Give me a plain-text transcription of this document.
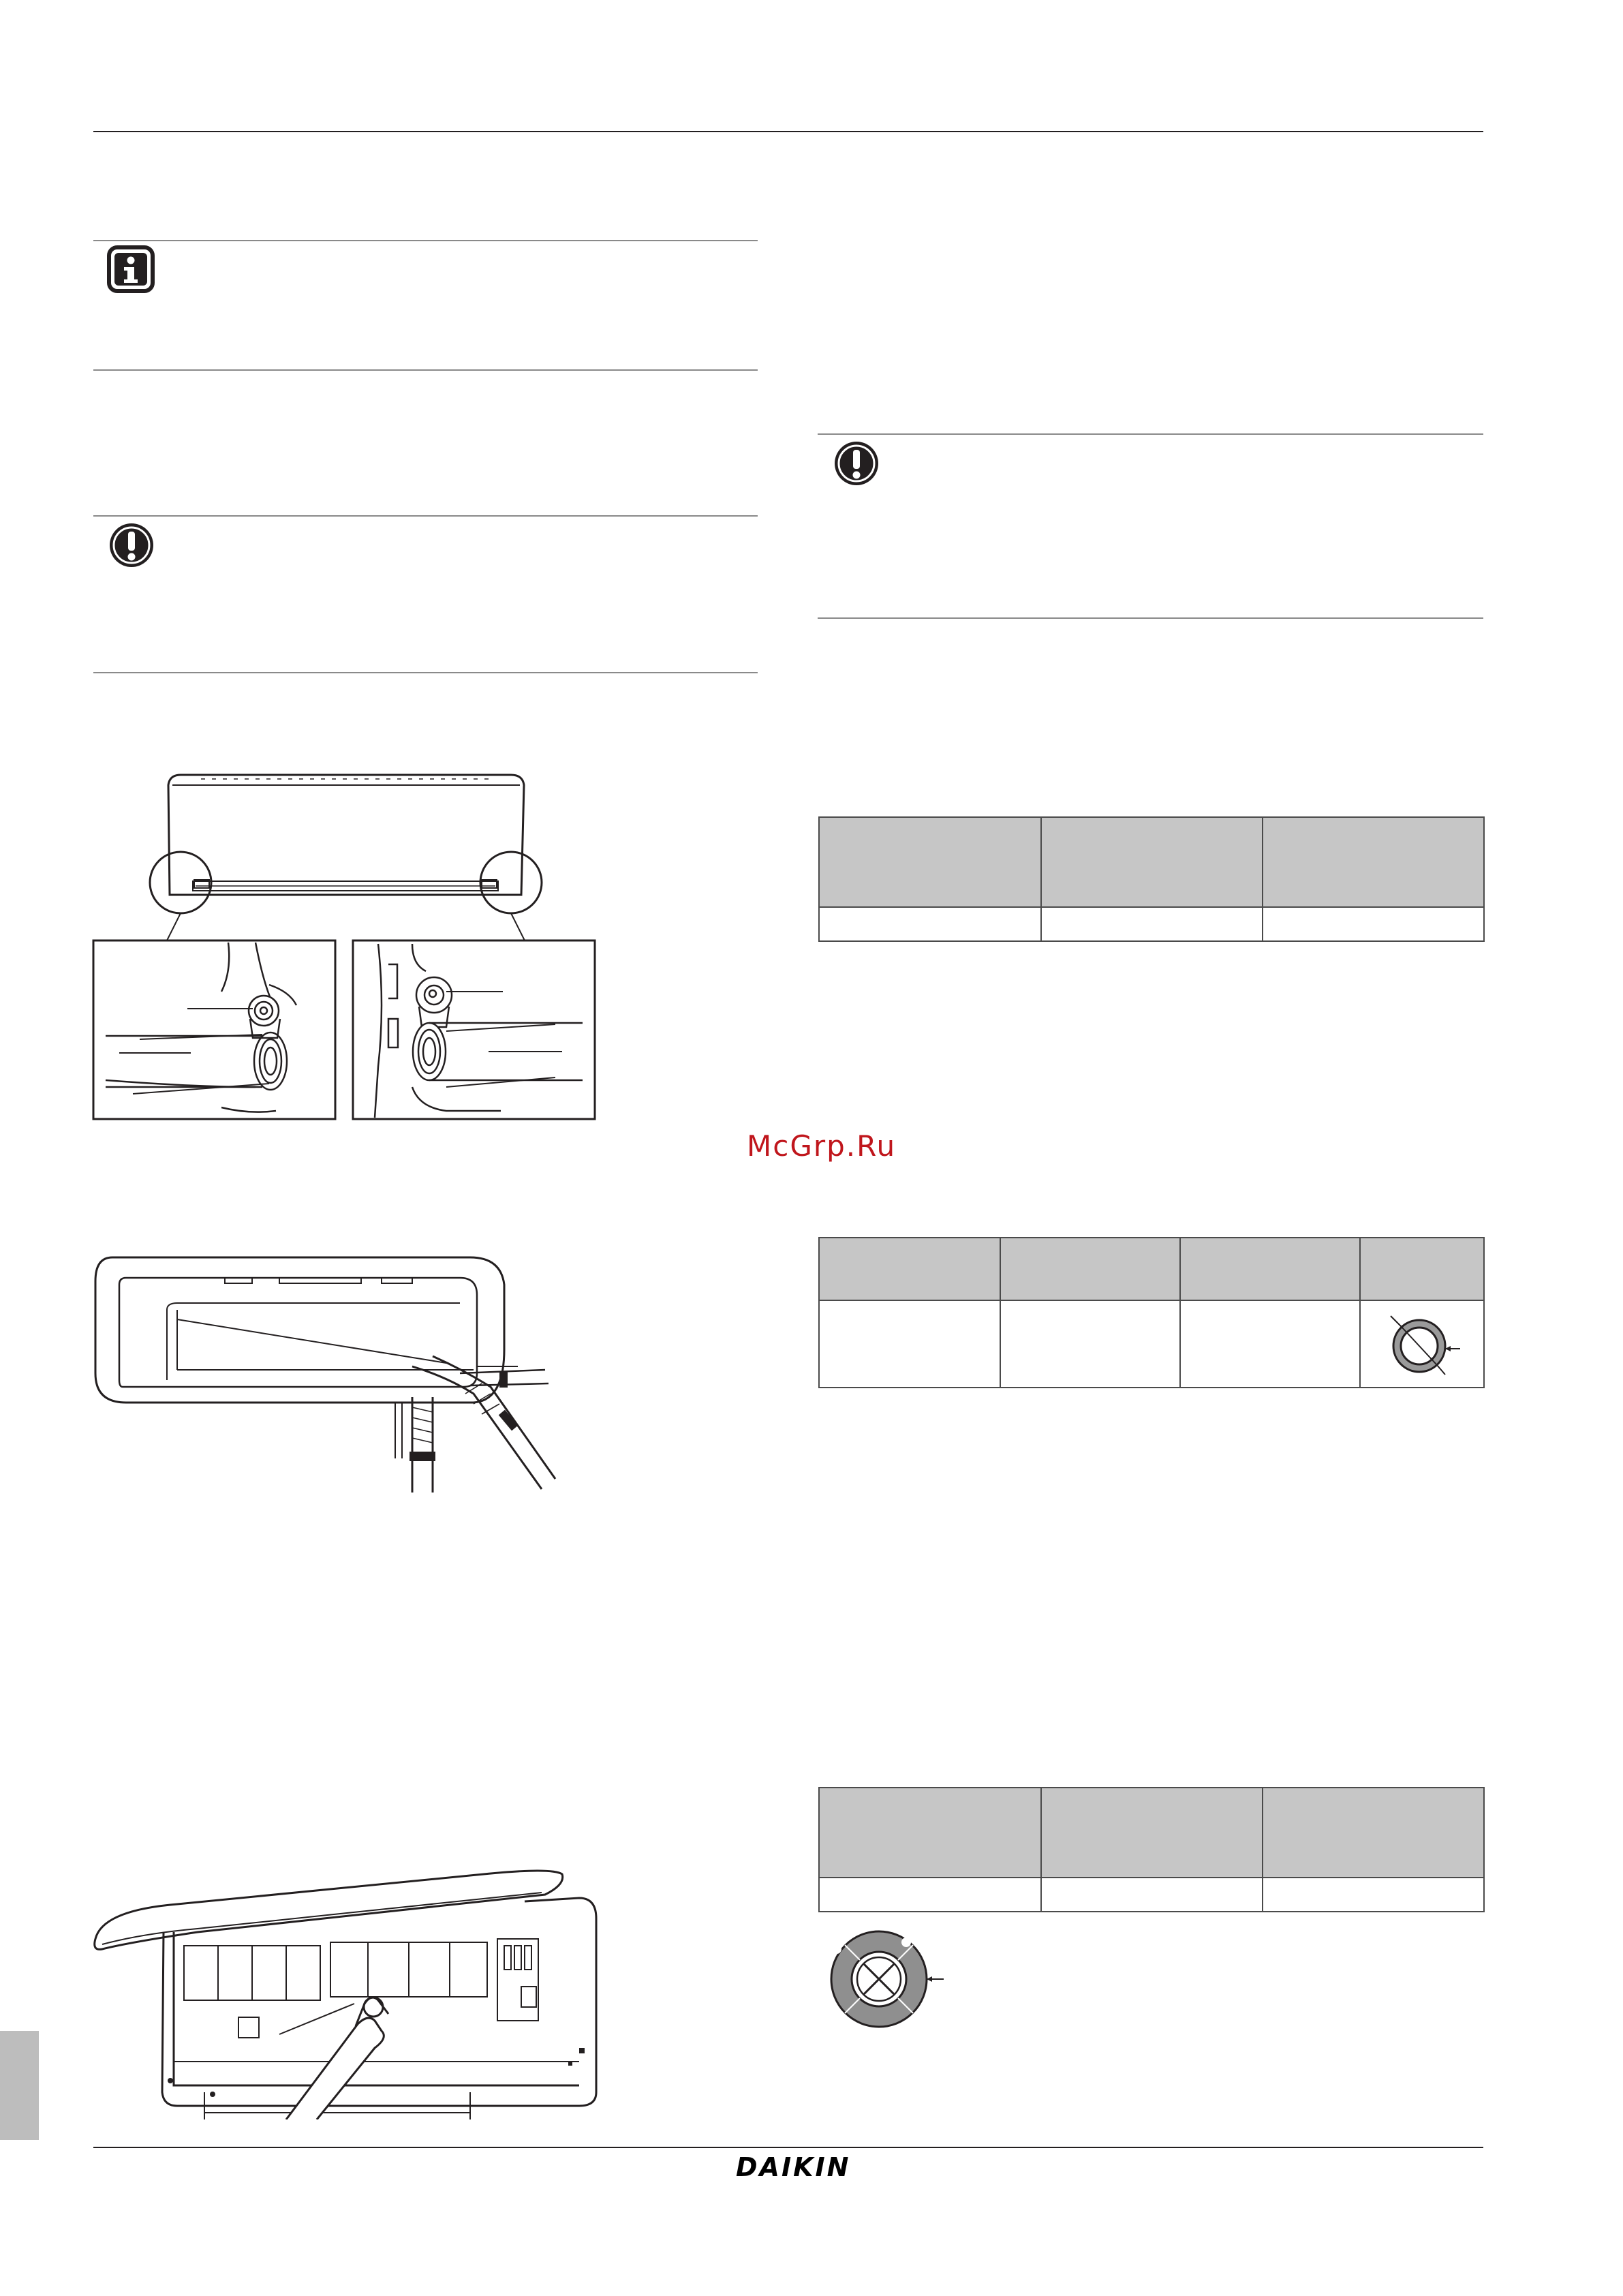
McGrp.Ru

DAIKIN
